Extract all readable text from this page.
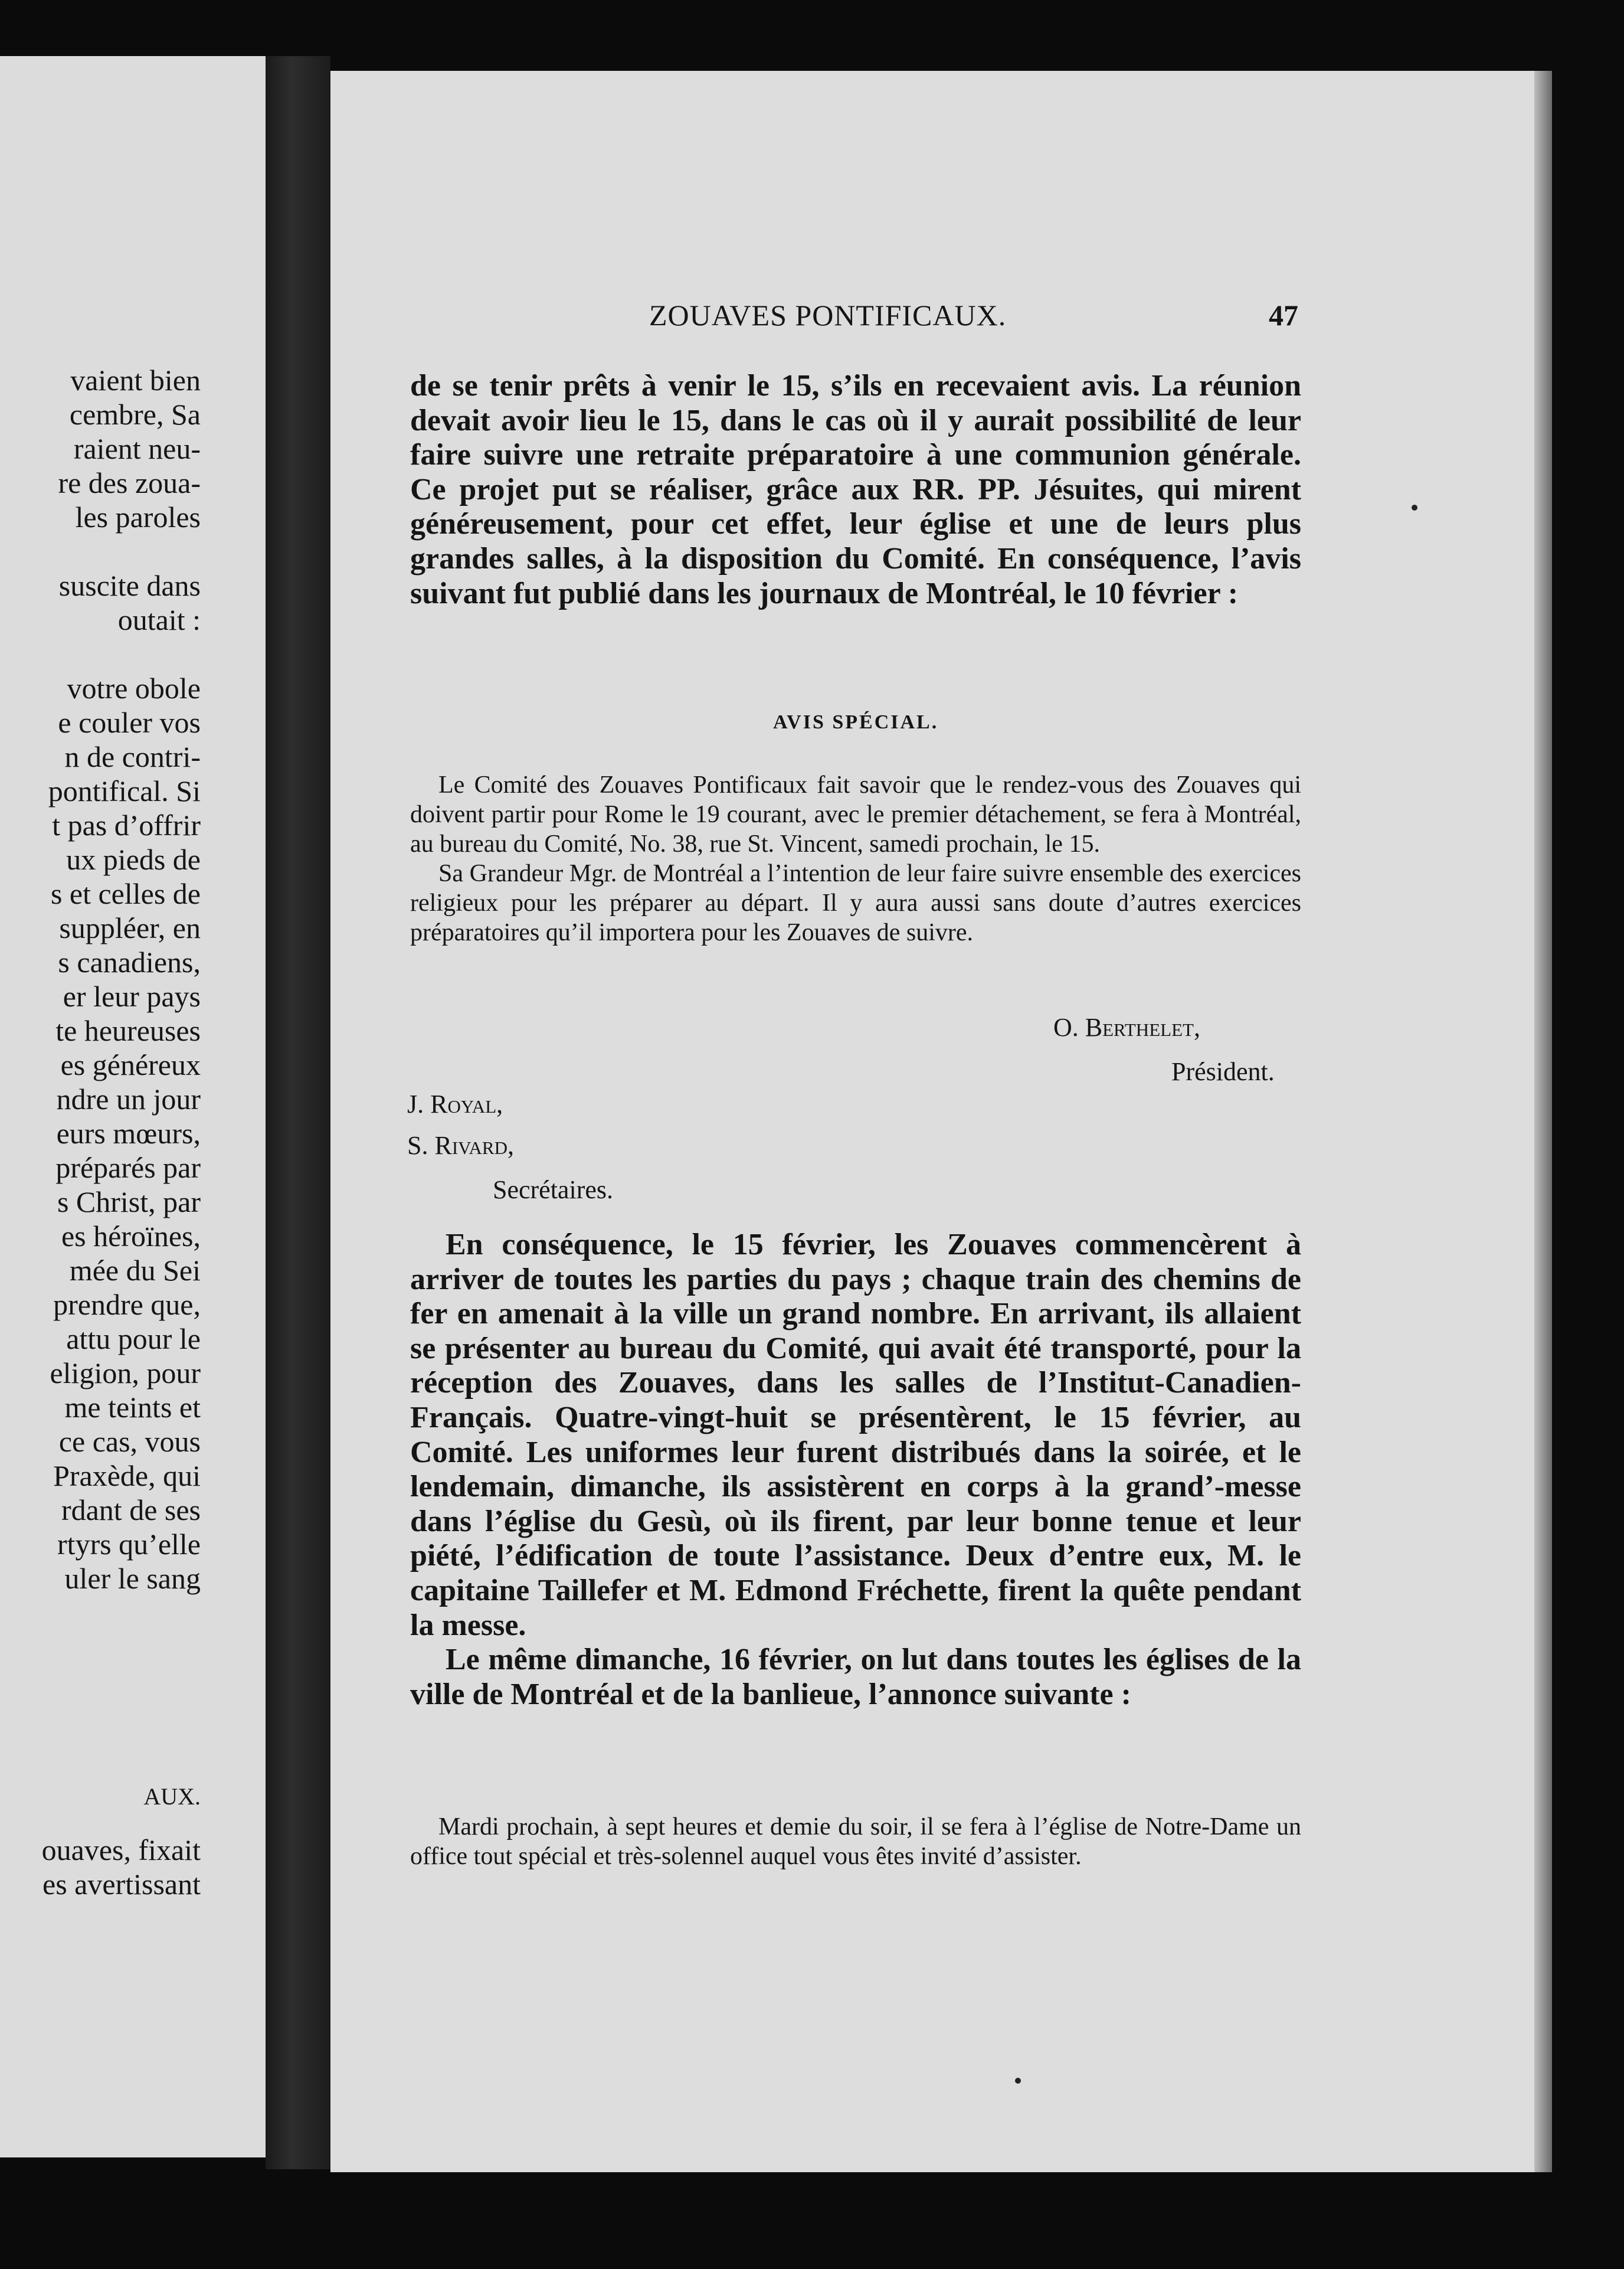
vaient bien
cembre, Sa
raient neu-
re des zoua-
les paroles
suscite dans
outait :
votre obole
e couler vos
n de contri-
pontifical. Si
t pas d’offrir
ux pieds de
s et celles de
suppléer, en
s canadiens,
er leur pays
te heureuses
es généreux
ndre un jour
eurs mœurs,
préparés par
s Christ, par
es héroïnes,
mée du Sei
prendre que,
attu pour le
eligion, pour
me teints et
ce cas, vous
Praxède, qui
rdant de ses
rtyrs qu’elle
uler le sang
AUX.
ouaves, fixait
es avertissant
ZOUAVES PONTIFICAUX.	47

de se tenir prêts à venir le 15, s’ils en recevaient avis. La réunion devait avoir lieu le 15, dans le cas où il y aurait possibilité de leur faire suivre une retraite préparatoire à une communion générale. Ce projet put se réaliser, grâce aux RR. PP. Jésuites, qui mirent généreusement, pour cet effet, leur église et une de leurs plus grandes salles, à la disposition du Comité. En conséquence, l’avis suivant fut publié dans les journaux de Montréal, le 10 février :

AVIS SPÉCIAL.

Le Comité des Zouaves Pontificaux fait savoir que le rendez-vous des Zouaves qui doivent partir pour Rome le 19 courant, avec le premier détachement, se fera à Montréal, au bureau du Comité, No. 38, rue St. Vincent, samedi prochain, le 15.

Sa Grandeur Mgr. de Montréal a l’intention de leur faire suivre ensemble des exercices religieux pour les préparer au départ. Il y aura aussi sans doute d’autres exercices préparatoires qu’il importera pour les Zouaves de suivre.

O. Berthelet,
Président.
J. Royal,
S. Rivard,
Secrétaires.

En conséquence, le 15 février, les Zouaves commencèrent à arriver de toutes les parties du pays ; chaque train des chemins de fer en amenait à la ville un grand nombre. En arrivant, ils allaient se présenter au bureau du Comité, qui avait été transporté, pour la réception des Zouaves, dans les salles de l’Institut-Canadien-Français. Quatre-vingt-huit se présentèrent, le 15 février, au Comité. Les uniformes leur furent distribués dans la soirée, et le lendemain, dimanche, ils assistèrent en corps à la grand’-messe dans l’église du Gesù, où ils firent, par leur bonne tenue et leur piété, l’édification de toute l’assistance. Deux d’entre eux, M. le capitaine Taillefer et M. Edmond Fréchette, firent la quête pendant la messe.

Le même dimanche, 16 février, on lut dans toutes les églises de la ville de Montréal et de la banlieue, l’annonce suivante :

Mardi prochain, à sept heures et demie du soir, il se fera à l’église de Notre-Dame un office tout spécial et très-solennel auquel vous êtes invité d’assister.
